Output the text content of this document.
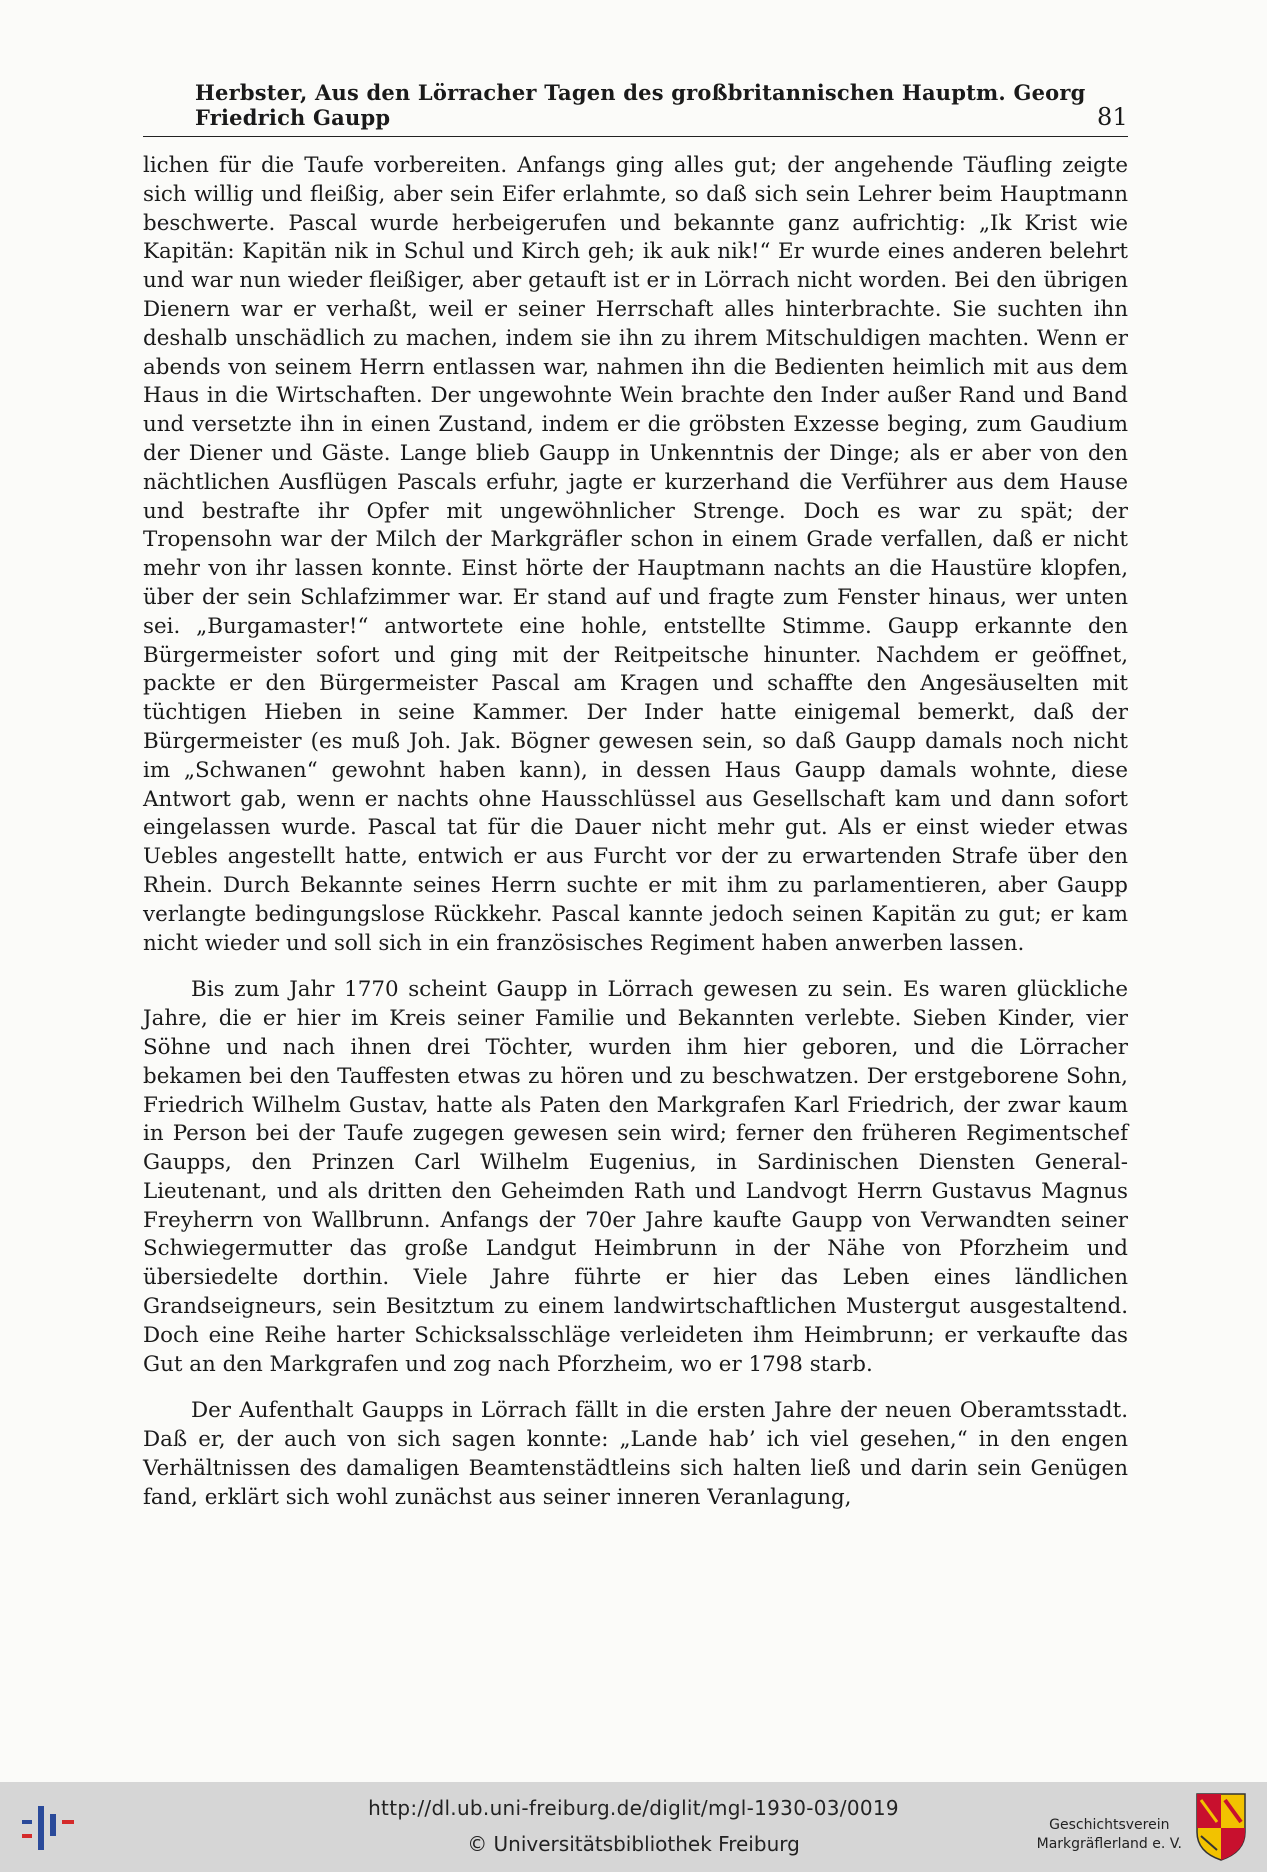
Herbster, Aus den Lörracher Tagen des großbritannischen Hauptm. Georg Friedrich Gaupp	81

lichen für die Taufe vorbereiten. Anfangs ging alles gut; der angehende Täufling zeigte sich willig und fleißig, aber sein Eifer erlahmte, so daß sich sein Lehrer beim Hauptmann beschwerte. Pascal wurde herbeigerufen und bekannte ganz aufrichtig: „Ik Krist wie Kapitän: Kapitän nik in Schul und Kirch geh; ik auk nik!“ Er wurde eines anderen belehrt und war nun wieder fleißiger, aber getauft ist er in Lörrach nicht worden. Bei den übrigen Dienern war er verhaßt, weil er seiner Herrschaft alles hinterbrachte. Sie suchten ihn deshalb unschädlich zu machen, indem sie ihn zu ihrem Mitschuldigen machten. Wenn er abends von seinem Herrn entlassen war, nahmen ihn die Bedienten heimlich mit aus dem Haus in die Wirtschaften. Der ungewohnte Wein brachte den Inder außer Rand und Band und versetzte ihn in einen Zustand, indem er die gröbsten Exzesse beging, zum Gaudium der Diener und Gäste. Lange blieb Gaupp in Unkenntnis der Dinge; als er aber von den nächtlichen Ausflügen Pascals erfuhr, jagte er kurzerhand die Verführer aus dem Hause und bestrafte ihr Opfer mit ungewöhnlicher Strenge. Doch es war zu spät; der Tropensohn war der Milch der Markgräfler schon in einem Grade verfallen, daß er nicht mehr von ihr lassen konnte. Einst hörte der Hauptmann nachts an die Haustüre klopfen, über der sein Schlafzimmer war. Er stand auf und fragte zum Fenster hinaus, wer unten sei. „Burgamaster!“ antwortete eine hohle, entstellte Stimme. Gaupp erkannte den Bürgermeister sofort und ging mit der Reitpeitsche hinunter. Nachdem er geöffnet, packte er den Bürgermeister Pascal am Kragen und schaffte den Angesäuselten mit tüchtigen Hieben in seine Kammer. Der Inder hatte einigemal bemerkt, daß der Bürgermeister (es muß Joh. Jak. Bögner gewesen sein, so daß Gaupp damals noch nicht im „Schwanen“ gewohnt haben kann), in dessen Haus Gaupp damals wohnte, diese Antwort gab, wenn er nachts ohne Hausschlüssel aus Gesellschaft kam und dann sofort eingelassen wurde. Pascal tat für die Dauer nicht mehr gut. Als er einst wieder etwas Uebles angestellt hatte, entwich er aus Furcht vor der zu erwartenden Strafe über den Rhein. Durch Bekannte seines Herrn suchte er mit ihm zu parlamentieren, aber Gaupp verlangte bedingungslose Rückkehr. Pascal kannte jedoch seinen Kapitän zu gut; er kam nicht wieder und soll sich in ein französisches Regiment haben anwerben lassen.

Bis zum Jahr 1770 scheint Gaupp in Lörrach gewesen zu sein. Es waren glückliche Jahre, die er hier im Kreis seiner Familie und Bekannten verlebte. Sieben Kinder, vier Söhne und nach ihnen drei Töchter, wurden ihm hier geboren, und die Lörracher bekamen bei den Tauffesten etwas zu hören und zu beschwatzen. Der erstgeborene Sohn, Friedrich Wilhelm Gustav, hatte als Paten den Markgrafen Karl Friedrich, der zwar kaum in Person bei der Taufe zugegen gewesen sein wird; ferner den früheren Regimentschef Gaupps, den Prinzen Carl Wilhelm Eugenius, in Sardinischen Diensten General-Lieutenant, und als dritten den Geheimden Rath und Landvogt Herrn Gustavus Magnus Freyherrn von Wallbrunn. Anfangs der 70er Jahre kaufte Gaupp von Verwandten seiner Schwiegermutter das große Landgut Heimbrunn in der Nähe von Pforzheim und übersiedelte dorthin. Viele Jahre führte er hier das Leben eines ländlichen Grandseigneurs, sein Besitztum zu einem landwirtschaftlichen Mustergut ausgestaltend. Doch eine Reihe harter Schicksalsschläge verleideten ihm Heimbrunn; er verkaufte das Gut an den Markgrafen und zog nach Pforzheim, wo er 1798 starb.

Der Aufenthalt Gaupps in Lörrach fällt in die ersten Jahre der neuen Oberamtsstadt. Daß er, der auch von sich sagen konnte: „Lande hab’ ich viel gesehen,“ in den engen Verhältnissen des damaligen Beamtenstädtleins sich halten ließ und darin sein Genügen fand, erklärt sich wohl zunächst aus seiner inneren Veranlagung,

http://dl.ub.uni-freiburg.de/diglit/mgl-1930-03/0019
© Universitätsbibliothek Freiburg
Geschichtsverein
Markgräflerland e. V.
